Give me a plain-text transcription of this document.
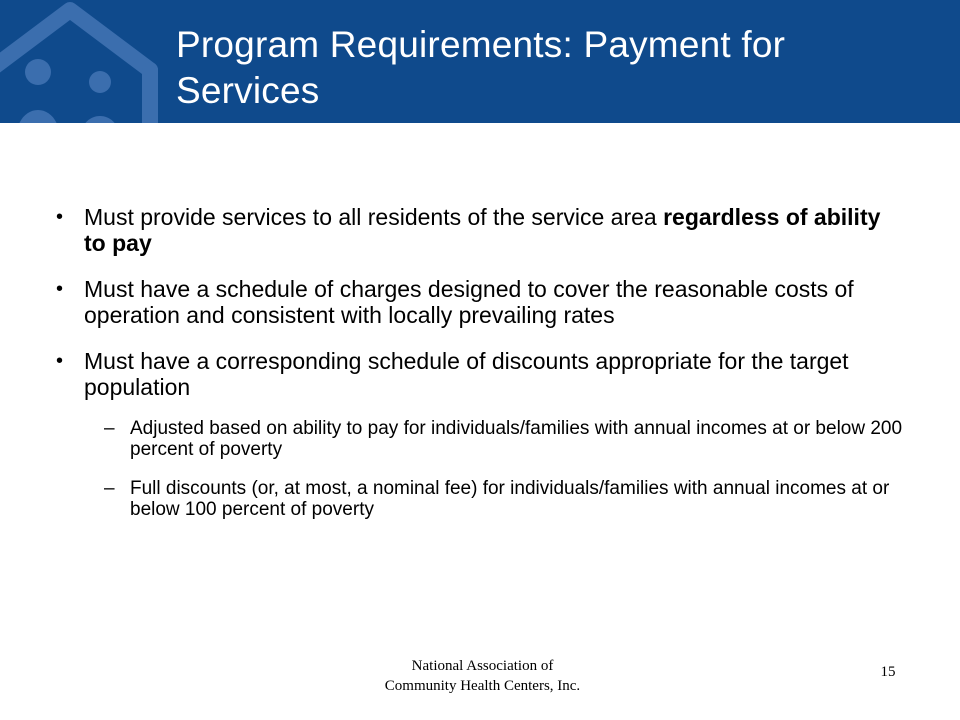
Program Requirements: Payment for Services
• Must provide services to all residents of the service area regardless of ability to pay
• Must have a schedule of charges designed to cover the reasonable costs of operation and consistent with locally prevailing rates
• Must have a corresponding schedule of discounts appropriate for the target population
– Adjusted based on ability to pay for individuals/families with annual incomes at or below 200 percent of poverty
– Full discounts (or, at most, a nominal fee) for individuals/families with annual incomes at or below 100 percent of poverty
National Association of Community Health Centers, Inc.
15
